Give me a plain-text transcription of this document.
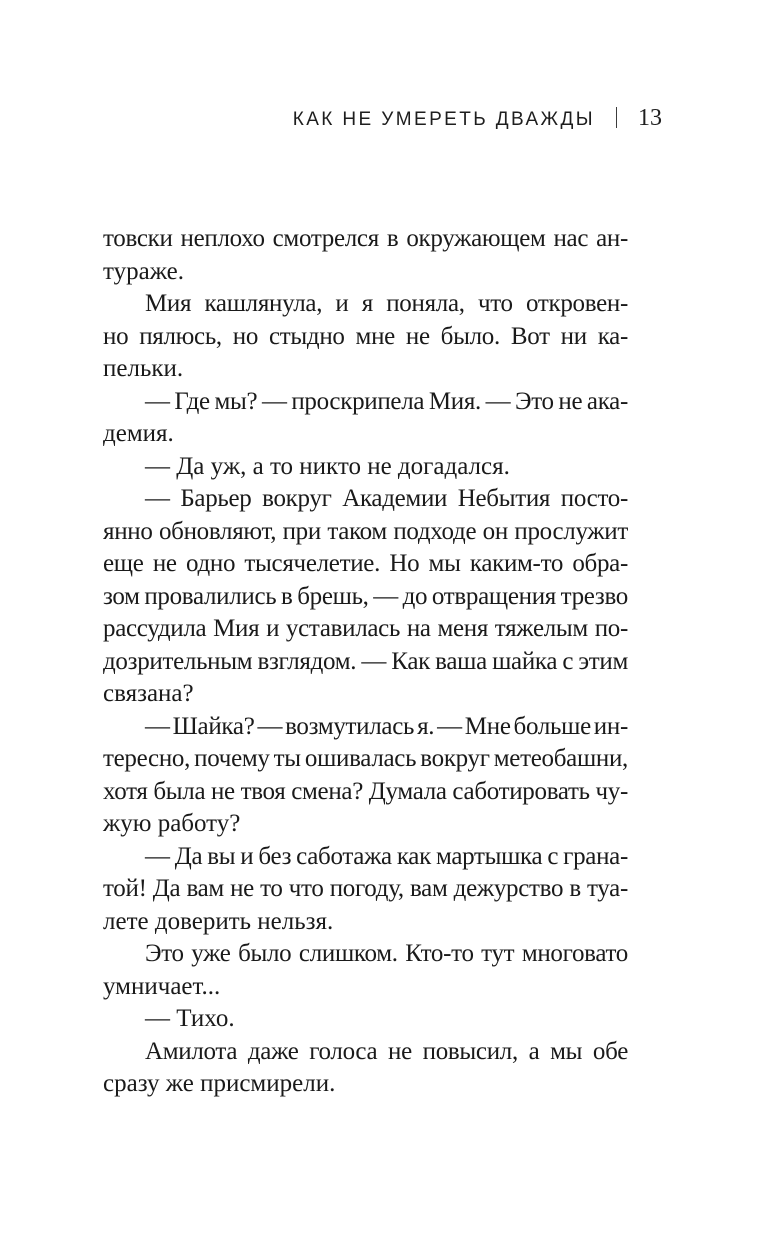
КАК НЕ УМЕРЕТЬ ДВАЖДЫ 13
товски неплохо смотрелся в окружающем нас ан-
тураже.
Мия кашлянула, и я поняла, что откровен-
но пялюсь, но стыдно мне не было. Вот ни ка-
пельки.
— Где мы? — проскрипела Мия. — Это не ака-
демия.
— Да уж, а то никто не догадался.
— Барьер вокруг Академии Небытия посто-
янно обновляют, при таком подходе он прослужит
еще не одно тысячелетие. Но мы каким-то обра-
зом провалились в брешь, — до отвращения трезво
рассудила Мия и уставилась на меня тяжелым по-
дозрительным взглядом. — Как ваша шайка с этим
связана?
— Шайка? — возмутилась я. — Мне больше ин-
тересно, почему ты ошивалась вокруг метеобашни,
хотя была не твоя смена? Думала саботировать чу-
жую работу?
— Да вы и без саботажа как мартышка с грана-
той! Да вам не то что погоду, вам дежурство в туа-
лете доверить нельзя.
Это уже было слишком. Кто-то тут многовато
умничает...
— Тихо.
Амилота даже голоса не повысил, а мы обе
сразу же присмирели.
